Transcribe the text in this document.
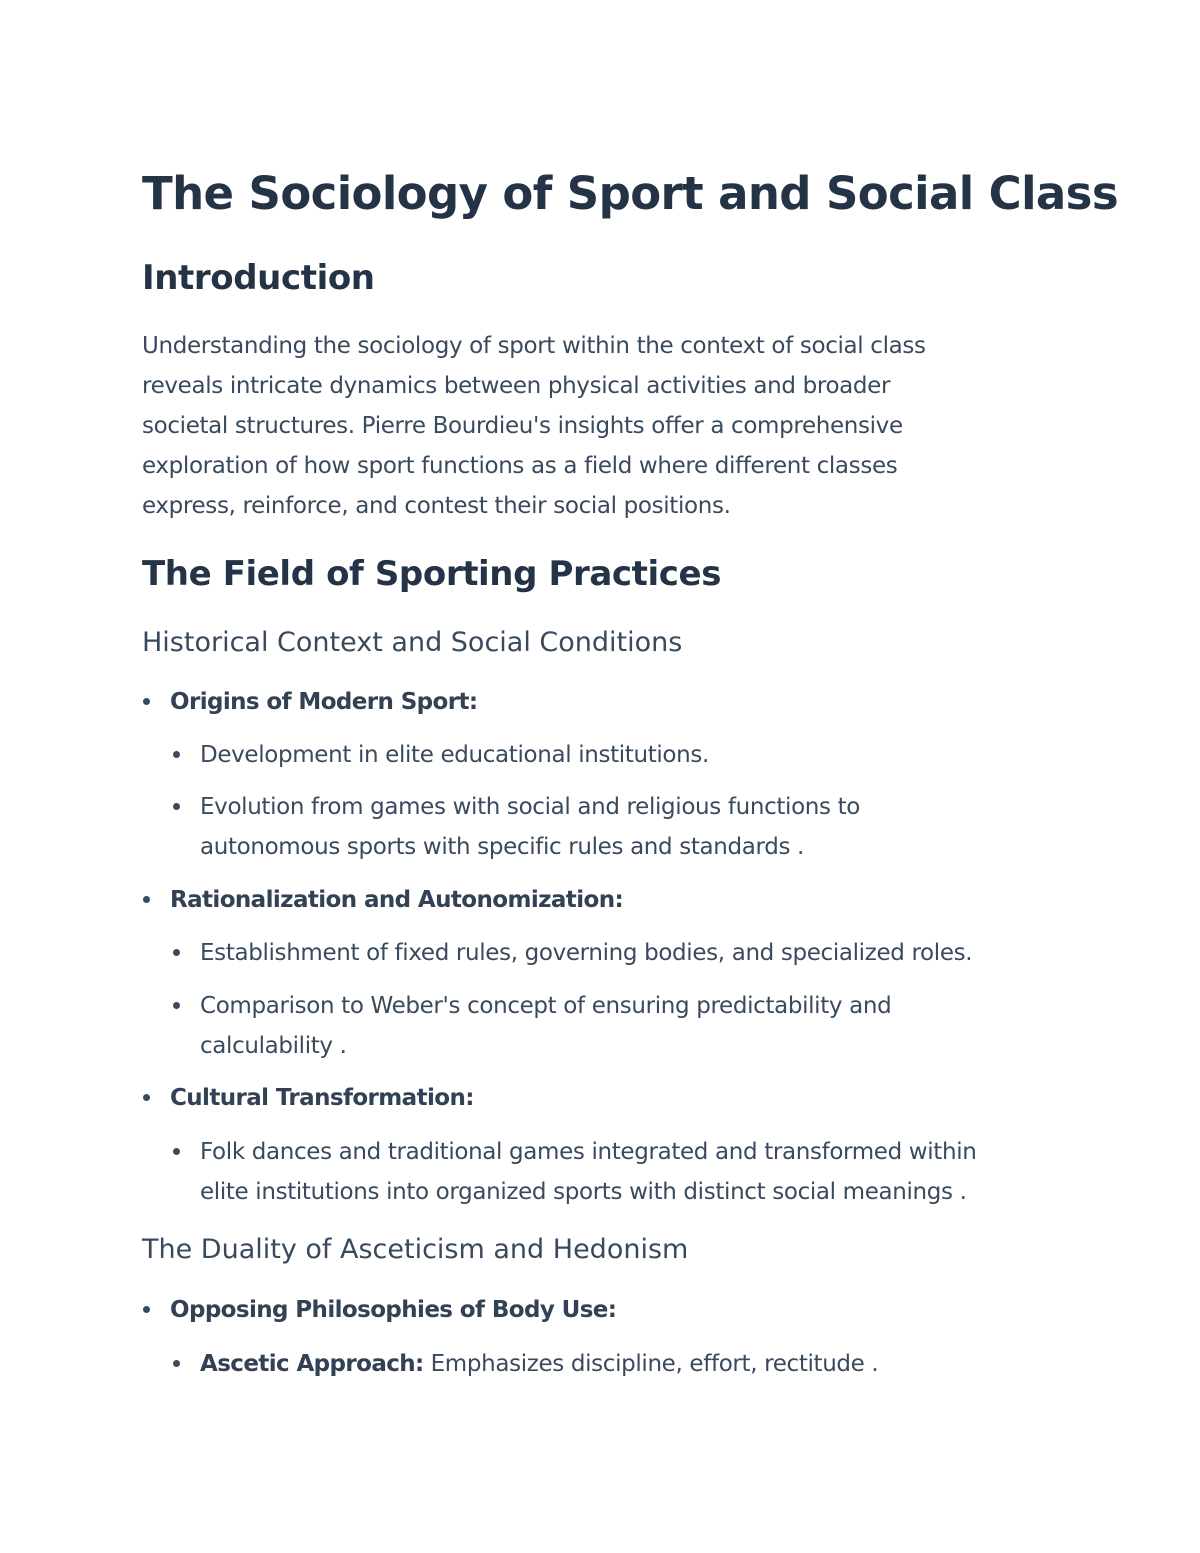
The Sociology of Sport and Social Class
Introduction

Understanding the sociology of sport within the context of social class
reveals intricate dynamics between physical activities and broader
societal structures. Pierre Bourdieu's insights offer a comprehensive
exploration of how sport functions as a field where different classes
express, reinforce, and contest their social positions.

The Field of Sporting Practices
Historical Context and Social Conditions
Origins of Modern Sport:
Development in elite educational institutions.
Evolution from games with social and religious functions to
autonomous sports with specific rules and standards .
Rationalization and Autonomization:
Establishment of fixed rules, governing bodies, and specialized roles.
Comparison to Weber's concept of ensuring predictability and
calculability .
Cultural Transformation:
Folk dances and traditional games integrated and transformed within
elite institutions into organized sports with distinct social meanings .
The Duality of Asceticism and Hedonism
Opposing Philosophies of Body Use:
Ascetic Approach: Emphasizes discipline, effort, rectitude .
